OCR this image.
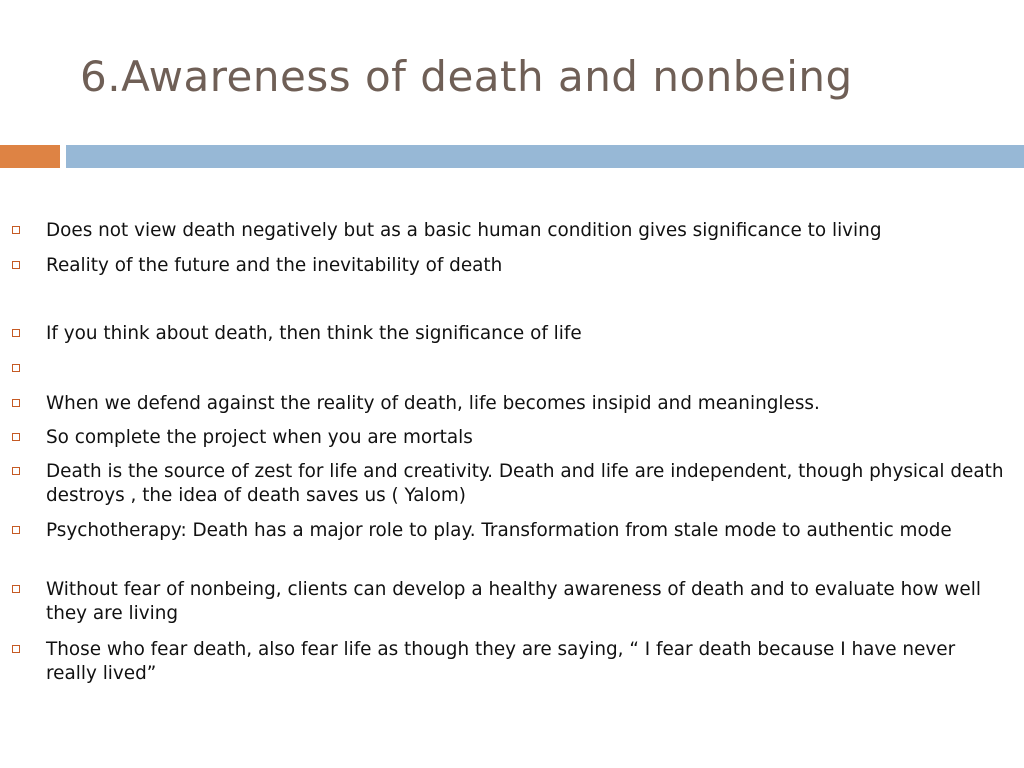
6.Awareness of death and nonbeing
Does not view death negatively but as a basic human condition gives significance to living
Reality of the future and the inevitability of death
If you think about death, then think the significance of life
When we defend against the reality of death, life becomes insipid and meaningless.
So complete the project when you are mortals
Death is the source of zest for life and creativity. Death and life are independent, though physical death destroys , the idea of death saves us ( Yalom)
Psychotherapy: Death has a major role to play. Transformation from stale mode to authentic mode
Without fear of nonbeing, clients can develop a healthy awareness of death and to evaluate how well they are living
Those who fear death, also fear life as though they are saying, “ I fear death because I have never really lived”
